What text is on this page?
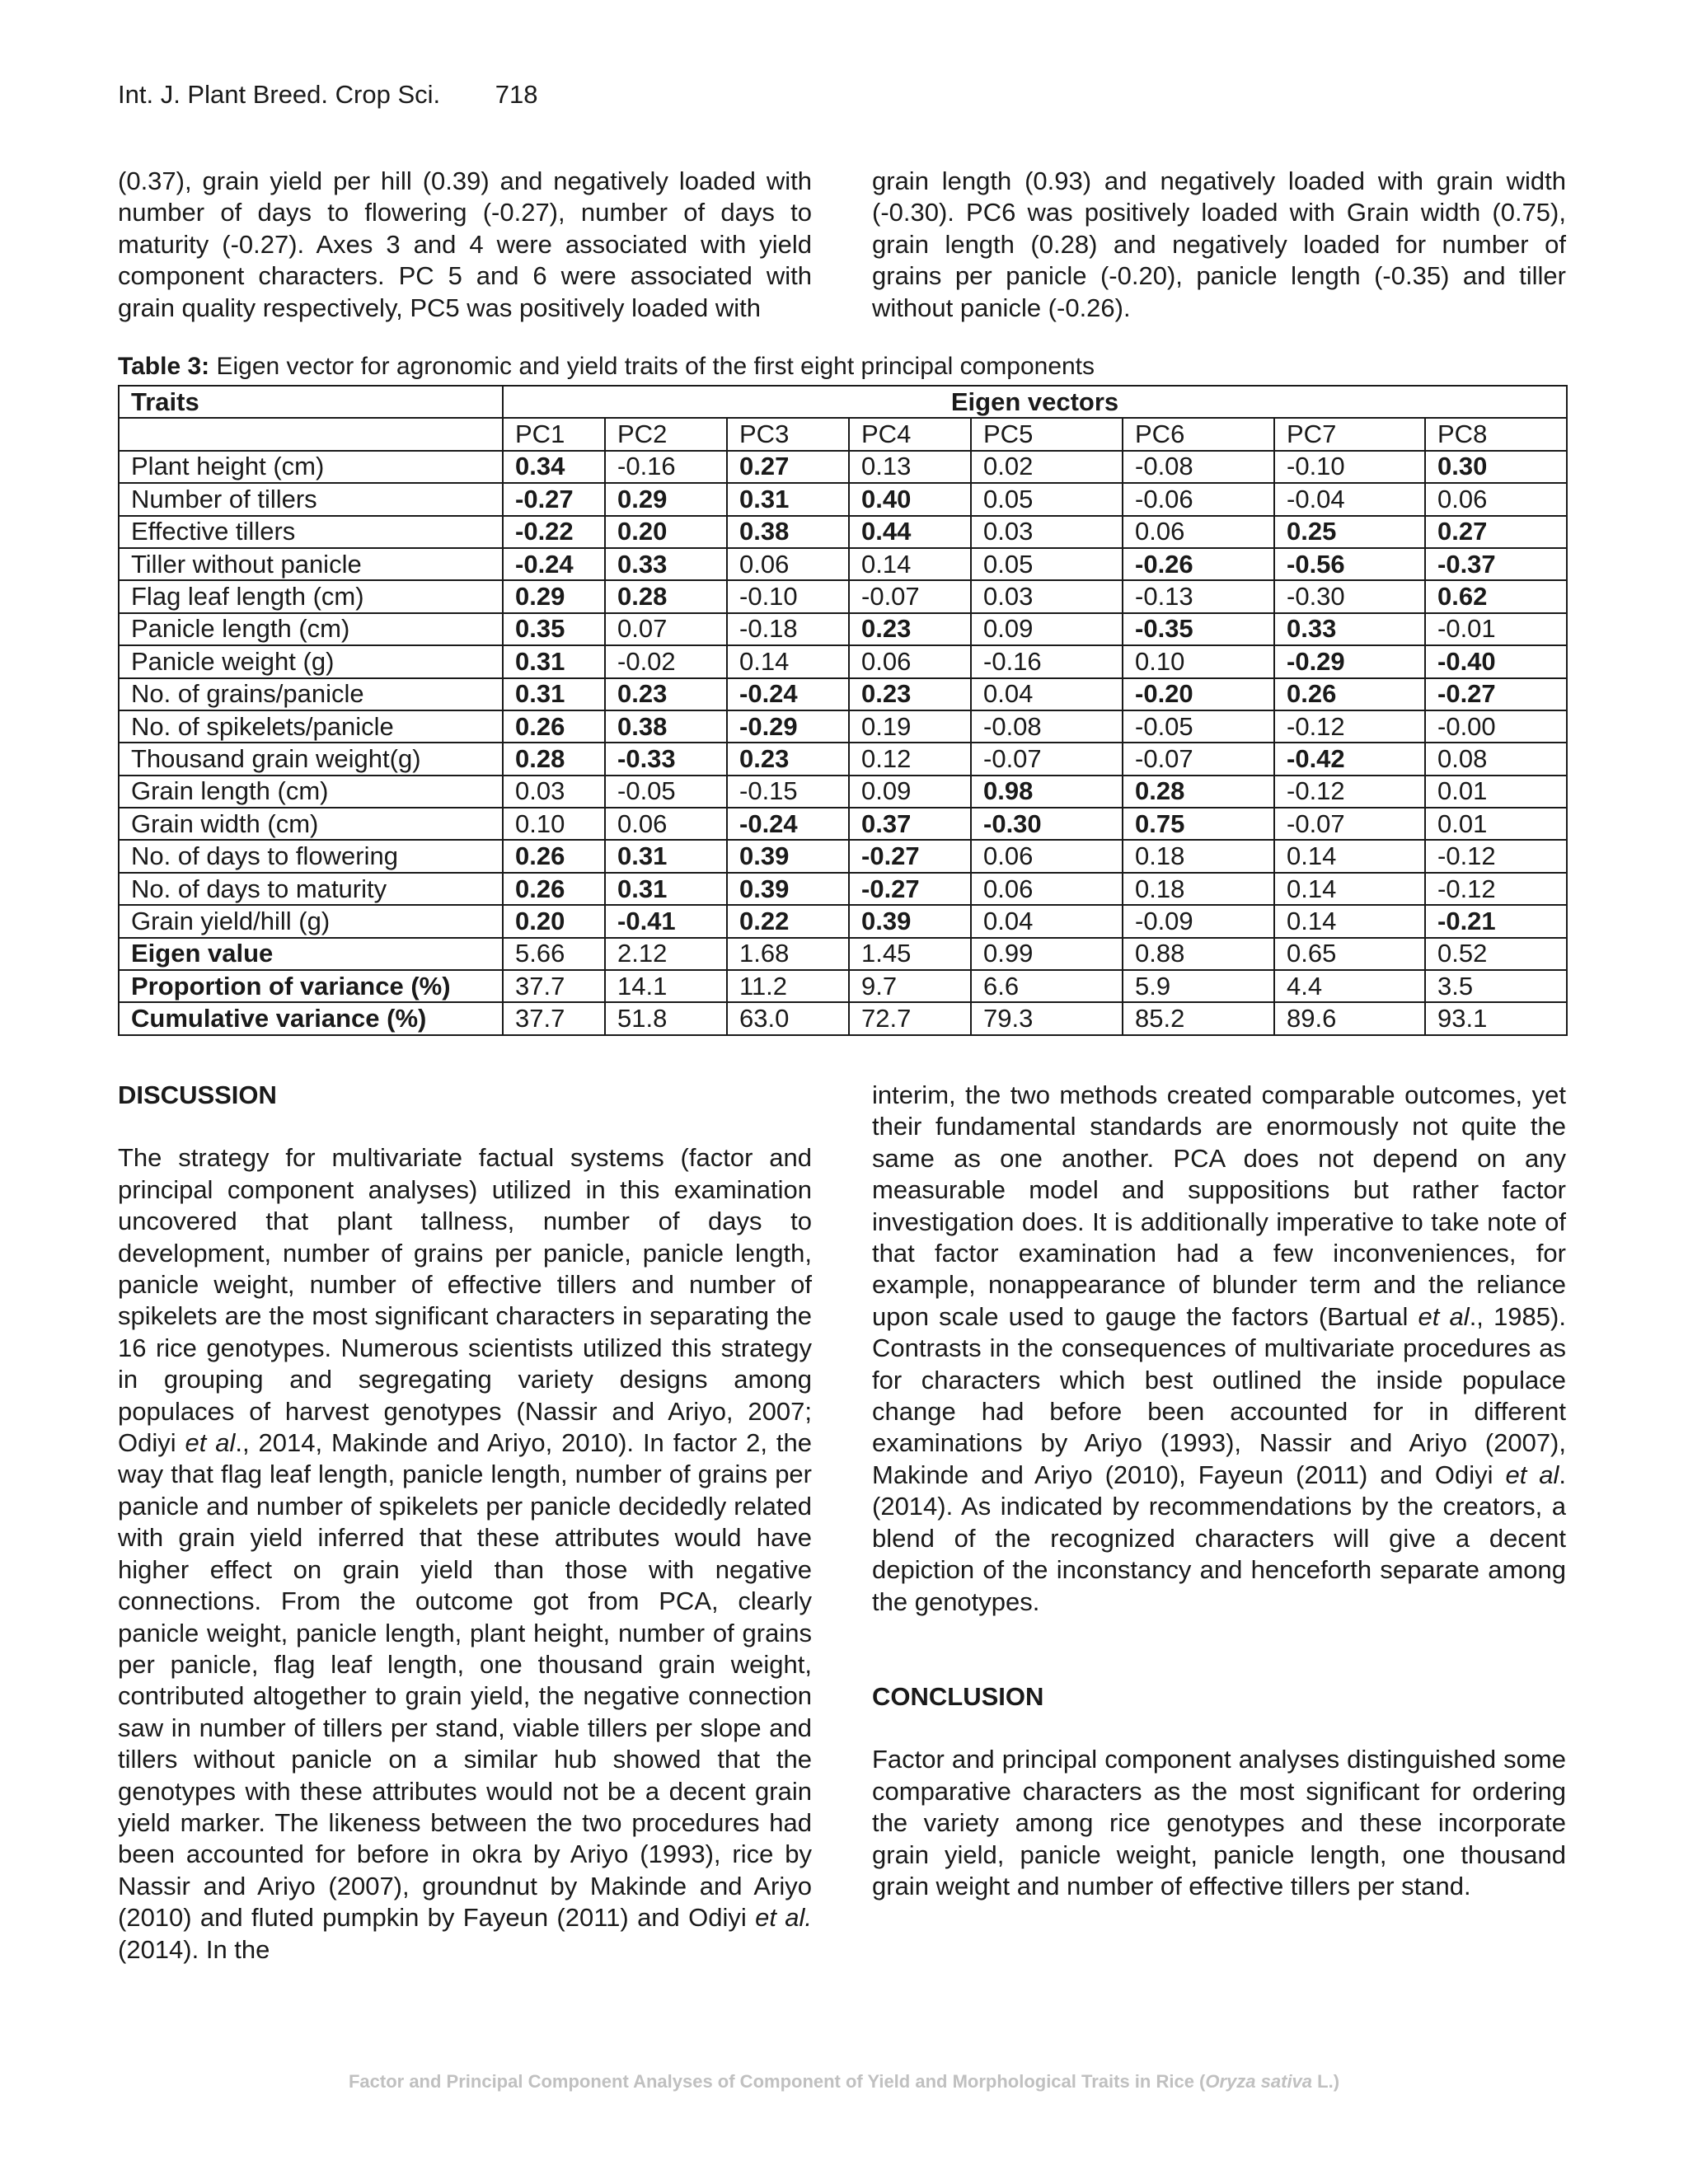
Int. J. Plant Breed. Crop Sci. 718

(0.37), grain yield per hill (0.39) and negatively loaded with number of days to flowering (-0.27), number of days to maturity (-0.27). Axes 3 and 4 were associated with yield component characters. PC 5 and 6 were associated with grain quality respectively, PC5 was positively loaded with

grain length (0.93) and negatively loaded with grain width (-0.30). PC6 was positively loaded with Grain width (0.75), grain length (0.28) and negatively loaded for number of grains per panicle (-0.20), panicle length (-0.35) and tiller without panicle (-0.26).

Table 3: Eigen vector for agronomic and yield traits of the first eight principal components
Traits	Eigen vectors							
	PC1	PC2	PC3	PC4	PC5	PC6	PC7	PC8
Plant height (cm)	0.34	-0.16	0.27	0.13	0.02	-0.08	-0.10	0.30
Number of tillers	-0.27	0.29	0.31	0.40	0.05	-0.06	-0.04	0.06
Effective tillers	-0.22	0.20	0.38	0.44	0.03	0.06	0.25	0.27
Tiller without panicle	-0.24	0.33	0.06	0.14	0.05	-0.26	-0.56	-0.37
Flag leaf length (cm)	0.29	0.28	-0.10	-0.07	0.03	-0.13	-0.30	0.62
Panicle length (cm)	0.35	0.07	-0.18	0.23	0.09	-0.35	0.33	-0.01
Panicle weight (g)	0.31	-0.02	0.14	0.06	-0.16	0.10	-0.29	-0.40
No. of grains/panicle	0.31	0.23	-0.24	0.23	0.04	-0.20	0.26	-0.27
No. of spikelets/panicle	0.26	0.38	-0.29	0.19	-0.08	-0.05	-0.12	-0.00
Thousand grain weight(g)	0.28	-0.33	0.23	0.12	-0.07	-0.07	-0.42	0.08
Grain length (cm)	0.03	-0.05	-0.15	0.09	0.98	0.28	-0.12	0.01
Grain width (cm)	0.10	0.06	-0.24	0.37	-0.30	0.75	-0.07	0.01
No. of days to flowering	0.26	0.31	0.39	-0.27	0.06	0.18	0.14	-0.12
No. of days to maturity	0.26	0.31	0.39	-0.27	0.06	0.18	0.14	-0.12
Grain yield/hill (g)	0.20	-0.41	0.22	0.39	0.04	-0.09	0.14	-0.21
Eigen value	5.66	2.12	1.68	1.45	0.99	0.88	0.65	0.52
Proportion of variance (%)	37.7	14.1	11.2	9.7	6.6	5.9	4.4	3.5
Cumulative variance (%)	37.7	51.8	63.0	72.7	79.3	85.2	89.6	93.1

DISCUSSION

The strategy for multivariate factual systems (factor and principal component analyses) utilized in this examination uncovered that plant tallness, number of days to development, number of grains per panicle, panicle length, panicle weight, number of effective tillers and number of spikelets are the most significant characters in separating the 16 rice genotypes. Numerous scientists utilized this strategy in grouping and segregating variety designs among populaces of harvest genotypes (Nassir and Ariyo, 2007; Odiyi et al., 2014, Makinde and Ariyo, 2010). In factor 2, the way that flag leaf length, panicle length, number of grains per panicle and number of spikelets per panicle decidedly related with grain yield inferred that these attributes would have higher effect on grain yield than those with negative connections. From the outcome got from PCA, clearly panicle weight, panicle length, plant height, number of grains per panicle, flag leaf length, one thousand grain weight, contributed altogether to grain yield, the negative connection saw in number of tillers per stand, viable tillers per slope and tillers without panicle on a similar hub showed that the genotypes with these attributes would not be a decent grain yield marker. The likeness between the two procedures had been accounted for before in okra by Ariyo (1993), rice by Nassir and Ariyo (2007), groundnut by Makinde and Ariyo (2010) and fluted pumpkin by Fayeun (2011) and Odiyi et al. (2014). In the

interim, the two methods created comparable outcomes, yet their fundamental standards are enormously not quite the same as one another. PCA does not depend on any measurable model and suppositions but rather factor investigation does. It is additionally imperative to take note of that factor examination had a few inconveniences, for example, nonappearance of blunder term and the reliance upon scale used to gauge the factors (Bartual et al., 1985). Contrasts in the consequences of multivariate procedures as for characters which best outlined the inside populace change had before been accounted for in different examinations by Ariyo (1993), Nassir and Ariyo (2007), Makinde and Ariyo (2010), Fayeun (2011) and Odiyi et al. (2014). As indicated by recommendations by the creators, a blend of the recognized characters will give a decent depiction of the inconstancy and henceforth separate among the genotypes.

CONCLUSION

Factor and principal component analyses distinguished some comparative characters as the most significant for ordering the variety among rice genotypes and these incorporate grain yield, panicle weight, panicle length, one thousand grain weight and number of effective tillers per stand.

Factor and Principal Component Analyses of Component of Yield and Morphological Traits in Rice (Oryza sativa L.)
